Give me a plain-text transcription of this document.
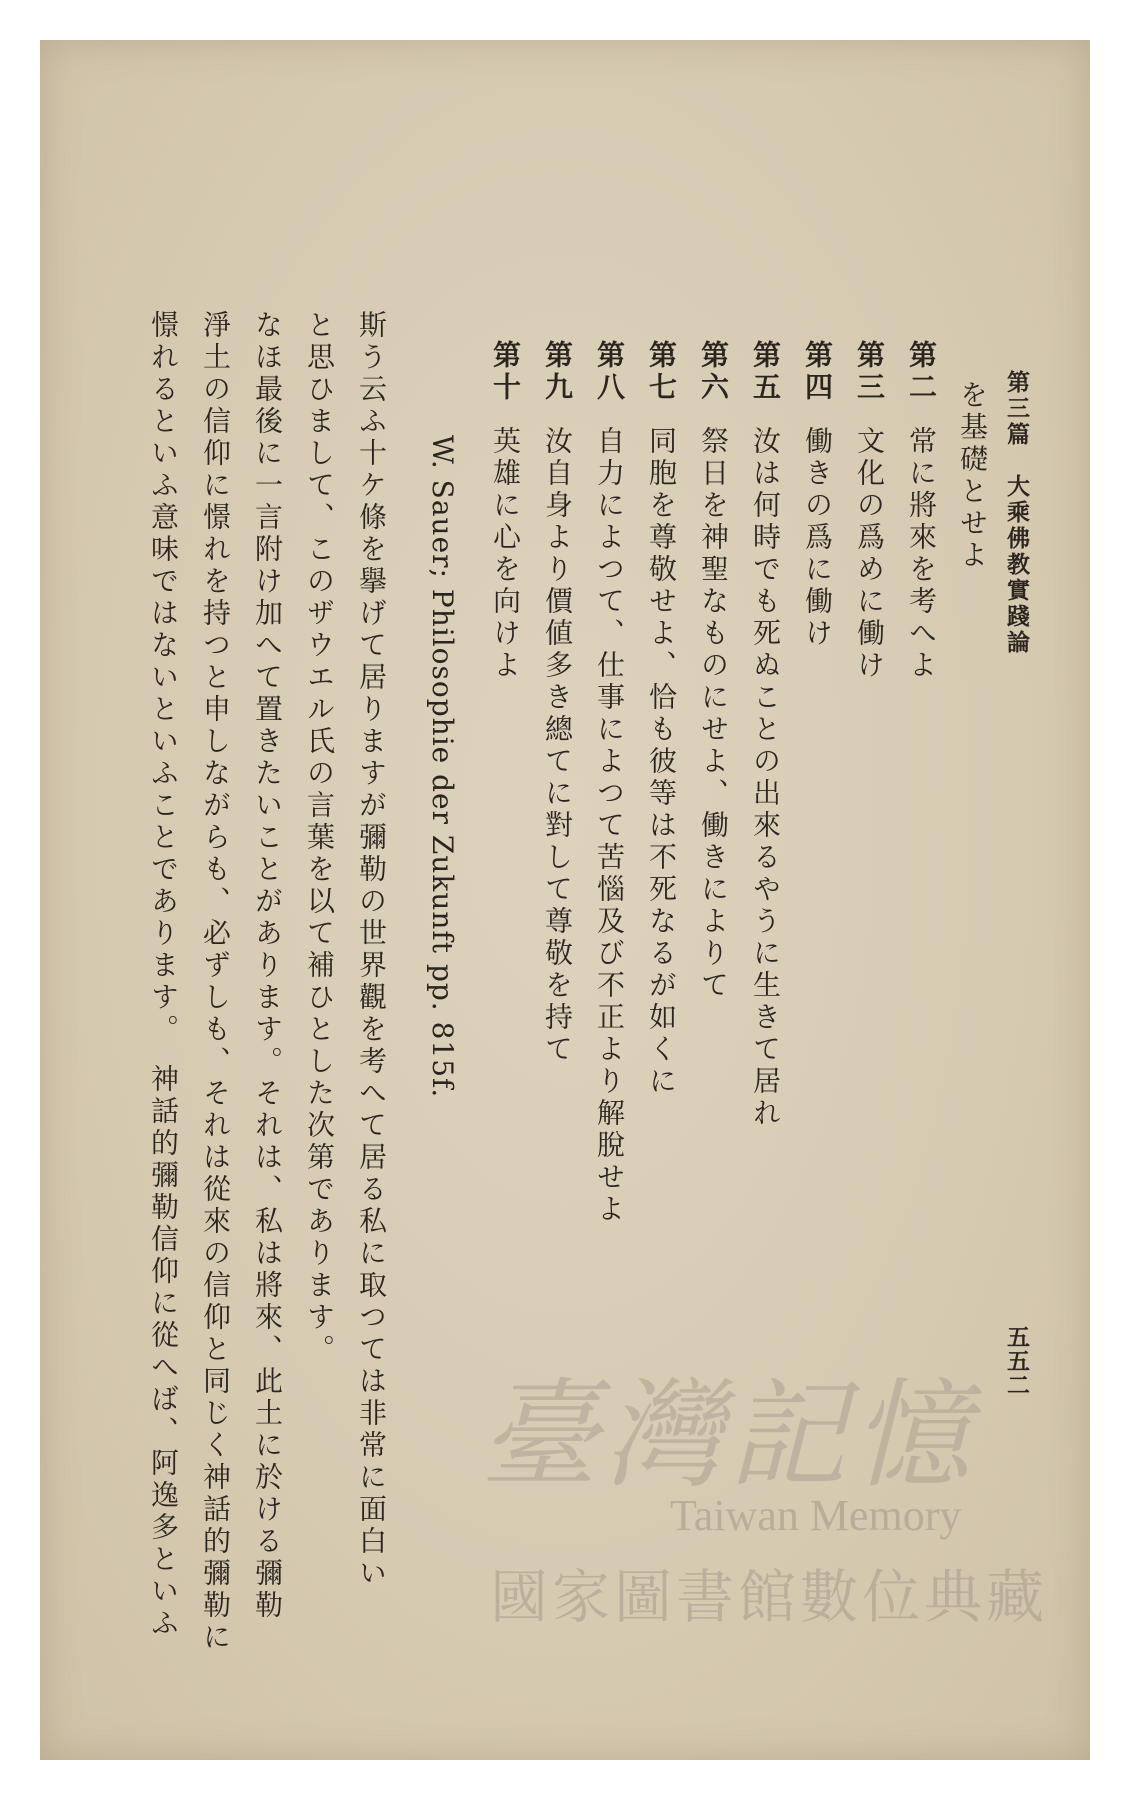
第三篇　大乘佛教實踐論
五五二
を基礎とせよ
第二常に將來を考へよ
第三文化の爲めに働け
第四働きの爲に働け
第五汝は何時でも死ぬことの出來るやうに生きて居れ
第六祭日を神聖なものにせよ、働きによりて
第七同胞を尊敬せよ、恰も彼等は不死なるが如くに
第八自力によつて、仕事によつて苦惱及び不正より解脫せよ
第九汝自身より價値多き總てに對して尊敬を持て
第十英雄に心を向けよ
W. Sauer; Philosophie der Zukunft pp. 815f.
斯う云ふ十ケ條を擧げて居りますが彌勒の世界觀を考へて居る私に取つては非常に面白い
と思ひまして、このザウエル氏の言葉を以て補ひとした次第であります。
なほ最後に一言附け加へて置きたいことがあります。それは、私は將來、此土に於ける彌勒
淨土の信仰に憬れを持つと申しながらも、必ずしも、それは從來の信仰と同じく神話的彌勒に
憬れるといふ意味ではないといふことであります。　神話的彌勒信仰に從へば、阿逸多といふ	臺灣記憶
Taiwan Memory
國家圖書館數位典藏
